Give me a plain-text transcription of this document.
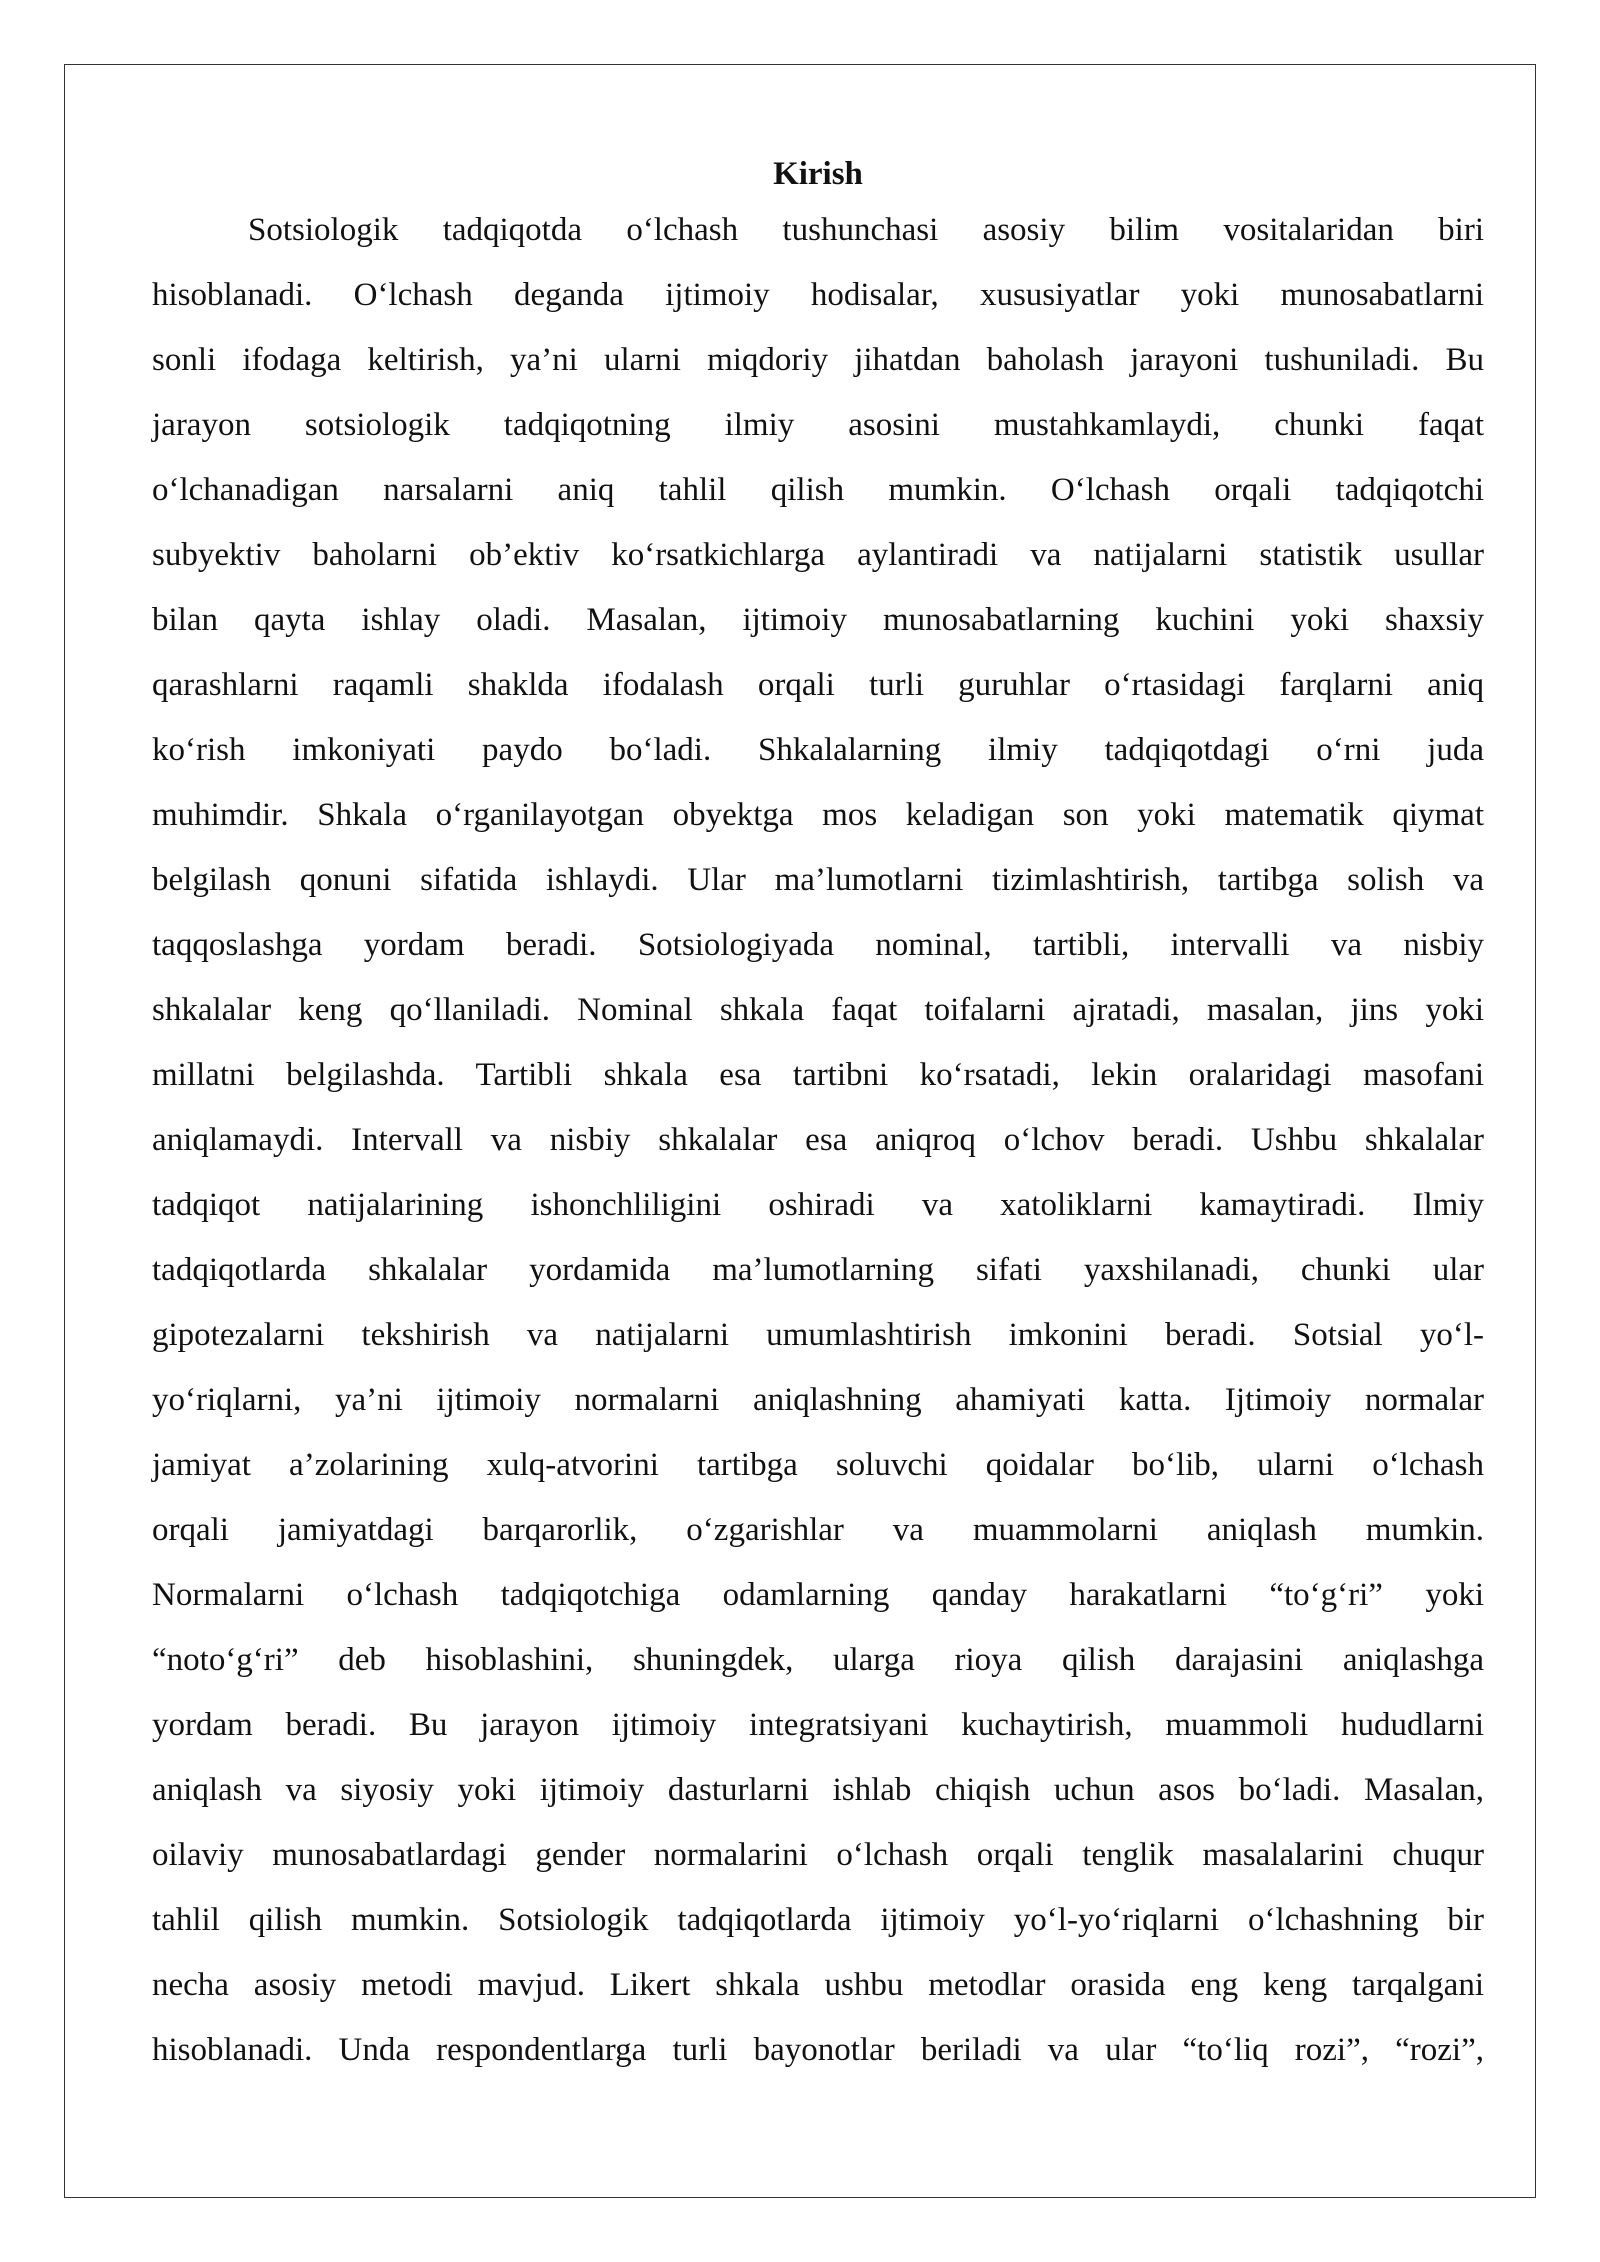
Kirish
Sotsiologik tadqiqotda o‘lchash tushunchasi asosiy bilim vositalaridan biri
hisoblanadi. O‘lchash deganda ijtimoiy hodisalar, xususiyatlar yoki munosabatlarni
sonli ifodaga keltirish, ya’ni ularni miqdoriy jihatdan baholash jarayoni tushuniladi. Bu
jarayon sotsiologik tadqiqotning ilmiy asosini mustahkamlaydi, chunki faqat
o‘lchanadigan narsalarni aniq tahlil qilish mumkin. O‘lchash orqali tadqiqotchi
subyektiv baholarni ob’ektiv ko‘rsatkichlarga aylantiradi va natijalarni statistik usullar
bilan qayta ishlay oladi. Masalan, ijtimoiy munosabatlarning kuchini yoki shaxsiy
qarashlarni raqamli shaklda ifodalash orqali turli guruhlar o‘rtasidagi farqlarni aniq
ko‘rish imkoniyati paydo bo‘ladi. Shkalalarning ilmiy tadqiqotdagi o‘rni juda
muhimdir. Shkala o‘rganilayotgan obyektga mos keladigan son yoki matematik qiymat
belgilash qonuni sifatida ishlaydi. Ular ma’lumotlarni tizimlashtirish, tartibga solish va
taqqoslashga yordam beradi. Sotsiologiyada nominal, tartibli, intervalli va nisbiy
shkalalar keng qo‘llaniladi. Nominal shkala faqat toifalarni ajratadi, masalan, jins yoki
millatni belgilashda. Tartibli shkala esa tartibni ko‘rsatadi, lekin oralaridagi masofani
aniqlamaydi. Intervall va nisbiy shkalalar esa aniqroq o‘lchov beradi. Ushbu shkalalar
tadqiqot natijalarining ishonchliligini oshiradi va xatoliklarni kamaytiradi. Ilmiy
tadqiqotlarda shkalalar yordamida ma’lumotlarning sifati yaxshilanadi, chunki ular
gipotezalarni tekshirish va natijalarni umumlashtirish imkonini beradi. Sotsial yo‘l-
yo‘riqlarni, ya’ni ijtimoiy normalarni aniqlashning ahamiyati katta. Ijtimoiy normalar
jamiyat a’zolarining xulq-atvorini tartibga soluvchi qoidalar bo‘lib, ularni o‘lchash
orqali jamiyatdagi barqarorlik, o‘zgarishlar va muammolarni aniqlash mumkin.
Normalarni o‘lchash tadqiqotchiga odamlarning qanday harakatlarni “to‘g‘ri” yoki
“noto‘g‘ri” deb hisoblashini, shuningdek, ularga rioya qilish darajasini aniqlashga
yordam beradi. Bu jarayon ijtimoiy integratsiyani kuchaytirish, muammoli hududlarni
aniqlash va siyosiy yoki ijtimoiy dasturlarni ishlab chiqish uchun asos bo‘ladi. Masalan,
oilaviy munosabatlardagi gender normalarini o‘lchash orqali tenglik masalalarini chuqur
tahlil qilish mumkin. Sotsiologik tadqiqotlarda ijtimoiy yo‘l-yo‘riqlarni o‘lchashning bir
necha asosiy metodi mavjud. Likert shkala ushbu metodlar orasida eng keng tarqalgani
hisoblanadi. Unda respondentlarga turli bayonotlar beriladi va ular “to‘liq rozi”, “rozi”,
